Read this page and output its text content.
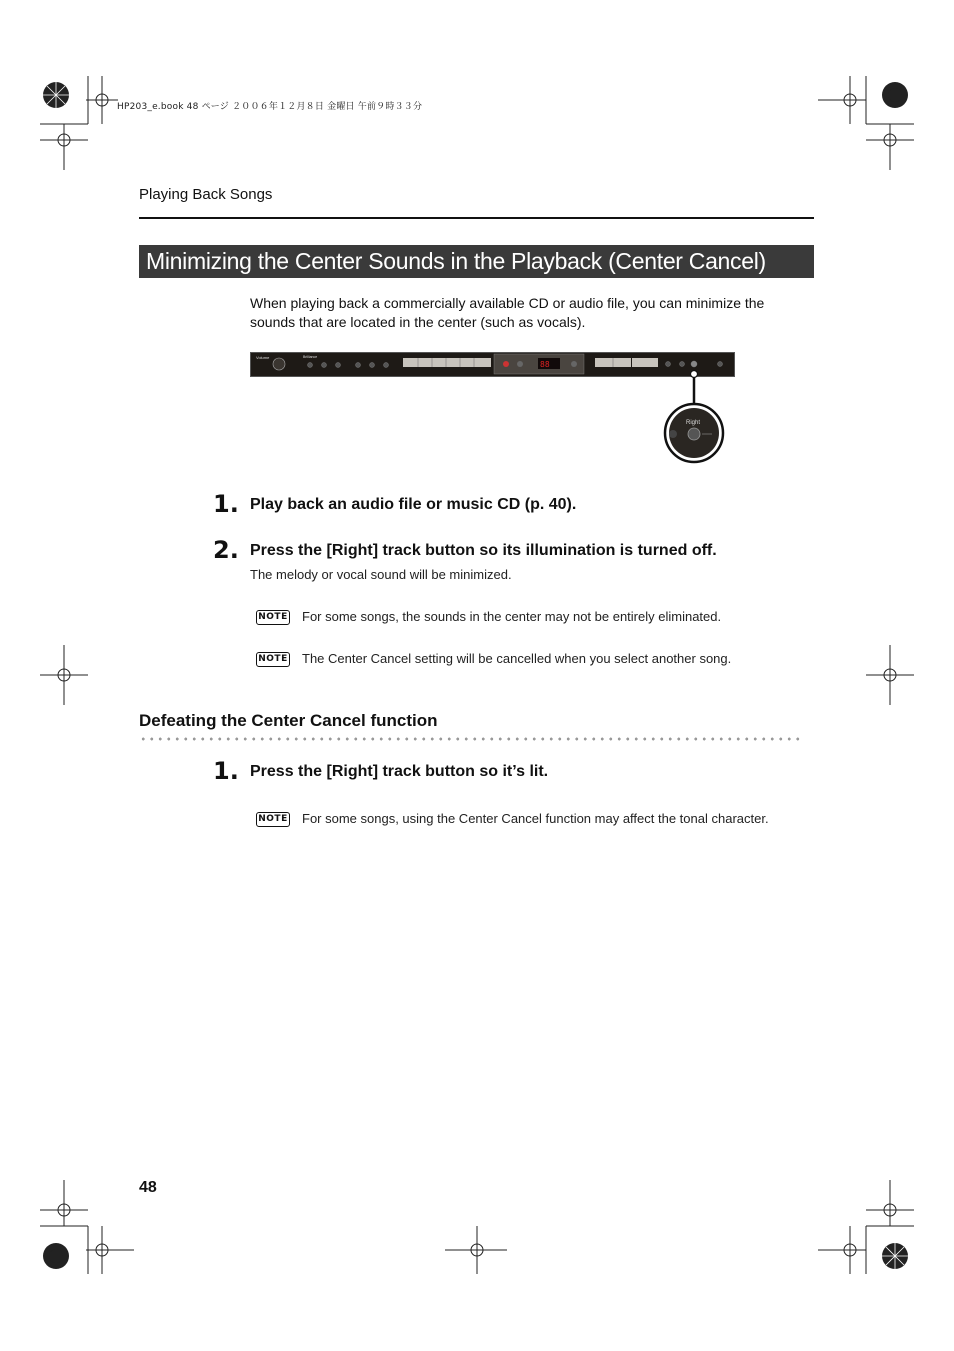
HP203_e.book 48 ページ ２００６年１２月８日 金曜日 午前９時３３分
Playing Back Songs
Minimizing the Center Sounds in the Playback (Center Cancel)
When playing back a commercially available CD or audio file, you can minimize the sounds that are located in the center (such as vocals).
Volume	Brilliance
88
Right
1. Play back an audio file or music CD (p. 40).
2. Press the [Right] track button so its illumination is turned off.
The melody or vocal sound will be minimized.
NOTE For some songs, the sounds in the center may not be entirely eliminated.
NOTE The Center Cancel setting will be cancelled when you select another song.
Defeating the Center Cancel function
1. Press the [Right] track button so it’s lit.
NOTE For some songs, using the Center Cancel function may affect the tonal character.
48
